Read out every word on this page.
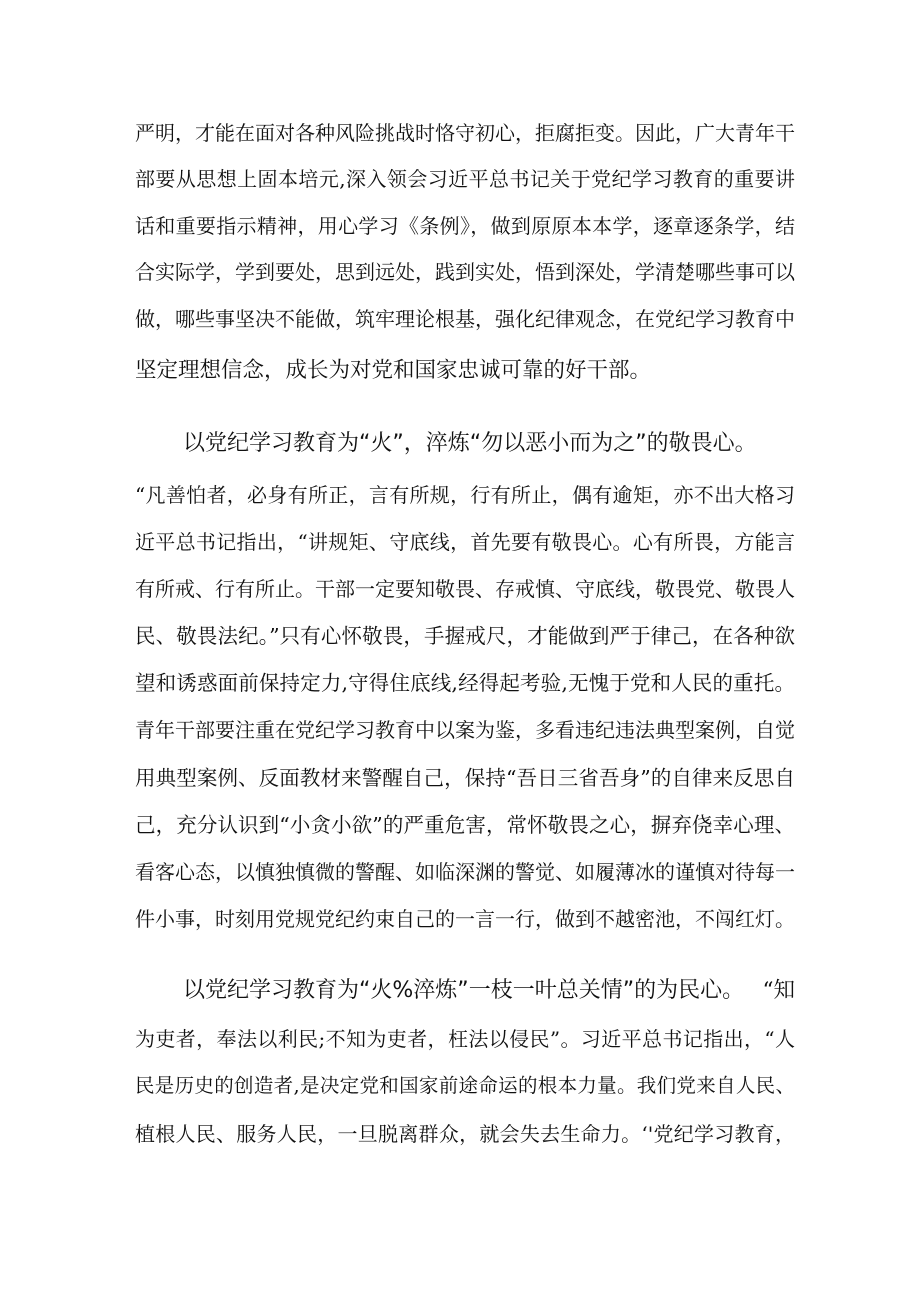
严明，才能在面对各种风险挑战时恪守初心，拒腐拒变。因此，广大青年干
部要从思想上固本培元,深入领会习近平总书记关于党纪学习教育的重要讲
话和重要指示精神，用心学习《条例》，做到原原本本学，逐章逐条学，结
合实际学，学到要处，思到远处，践到实处，悟到深处，学清楚哪些事可以
做，哪些事坚决不能做，筑牢理论根基，强化纪律观念，在党纪学习教育中
坚定理想信念，成长为对党和国家忠诚可靠的好干部。
以党纪学习教育为“火”，淬炼“勿以恶小而为之”的敬畏心。
“凡善怕者，必身有所正，言有所规，行有所止，偶有逾矩，亦不出大格习
近平总书记指出，“讲规矩、守底线，首先要有敬畏心。心有所畏，方能言
有所戒、行有所止。干部一定要知敬畏、存戒慎、守底线，敬畏党、敬畏人
民、敬畏法纪。”只有心怀敬畏，手握戒尺，才能做到严于律己，在各种欲
望和诱惑面前保持定力,守得住底线,经得起考验,无愧于党和人民的重托。
青年干部要注重在党纪学习教育中以案为鉴，多看违纪违法典型案例，自觉
用典型案例、反面教材来警醒自己，保持“吾日三省吾身”的自律来反思自
己，充分认识到“小贪小欲”的严重危害，常怀敬畏之心，摒弃侥幸心理、
看客心态，以慎独慎微的警醒、如临深渊的警觉、如履薄冰的谨慎对待每一
件小事，时刻用党规党纪约束自己的一言一行，做到不越密池，不闯红灯。
以党纪学习教育为“火%淬炼”一枝一叶总关情”的为民心。 “知
为吏者，奉法以利民;不知为吏者，枉法以侵民”。习近平总书记指出，“人
民是历史的创造者,是决定党和国家前途命运的根本力量。我们党来自人民、
植根人民、服务人民，一旦脱离群众，就会失去生命力。‘'党纪学习教育，
